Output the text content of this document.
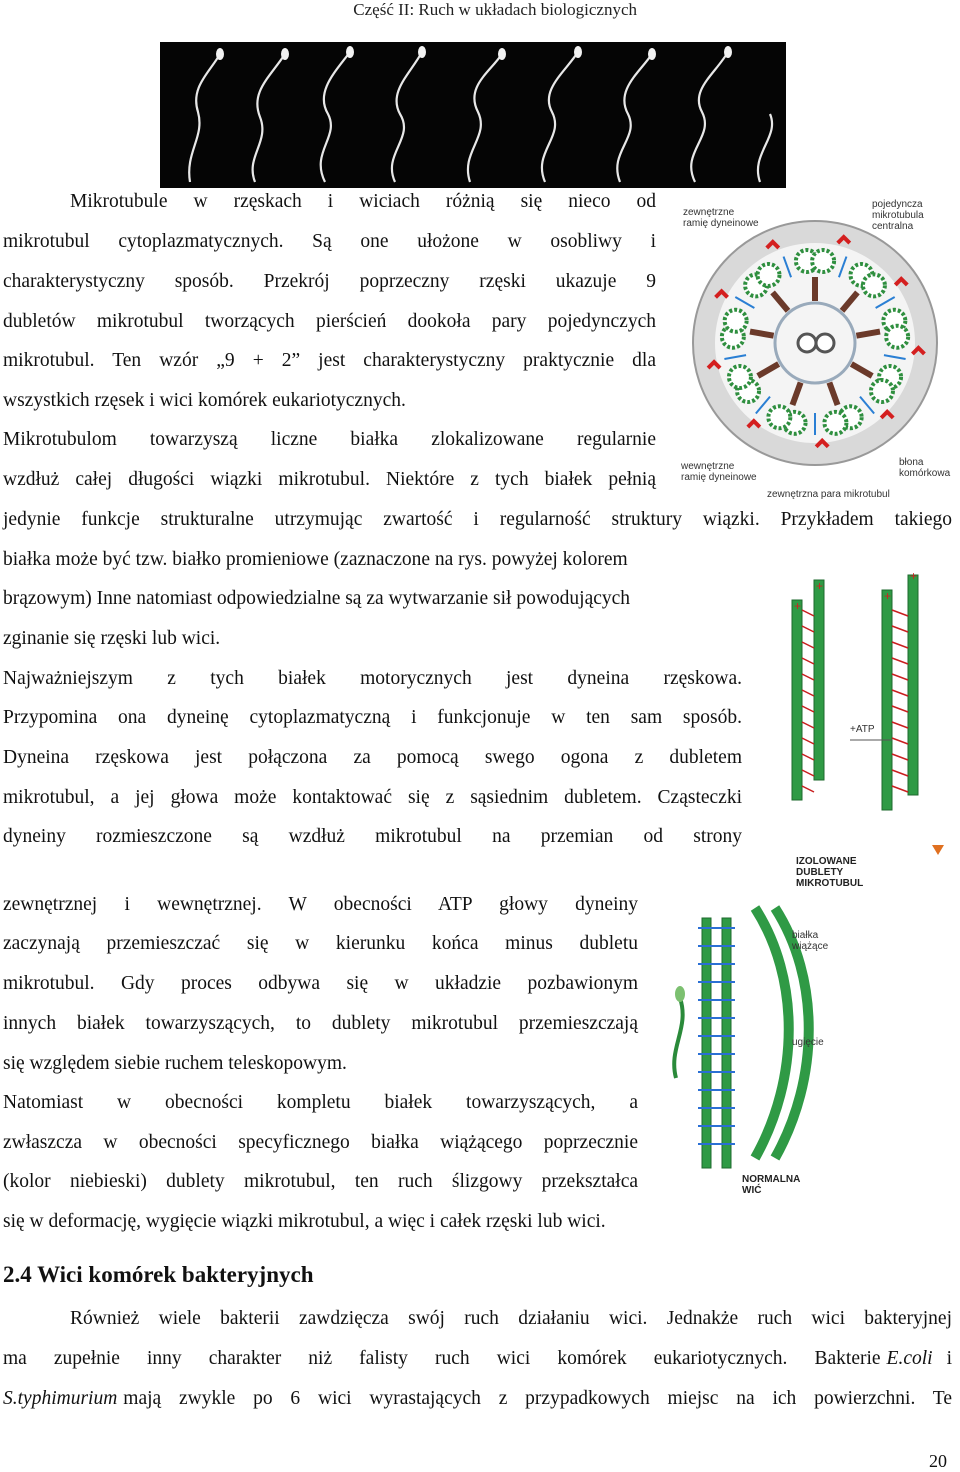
Część II: Ruch w układach biologicznych
zewnętrzne ramię dyneinowe
pojedyncza mikrotubula centralna
wewnętrzne ramię dyneinowe
błona komórkowa
zewnętrzna para mikrotubul
+
+
+
+
+ATP
IZOLOWANE DUBLETY MIKROTUBUL
białka wiążące
ugięcie
NORMALNA WIĆ
Mikrotubule w rzęskach i wiciach różnią się nieco od
mikrotubul cytoplazmatycznych. Są one ułożone w osobliwy i
charakterystyczny sposób. Przekrój poprzeczny rzęski ukazuje 9
dubletów mikrotubul tworzących pierścień dookoła pary pojedynczych
mikrotubul. Ten wzór „9 + 2” jest charakterystyczny praktycznie dla
wszystkich rzęsek i wici komórek eukariotycznych.
Mikrotubulom towarzyszą liczne białka zlokalizowane regularnie
wzdłuż całej długości wiązki mikrotubul. Niektóre z tych białek pełnią
jedynie funkcje strukturalne utrzymując zwartość i regularność struktury wiązki. Przykładem takiego
białka może być tzw. białko promieniowe (zaznaczone na rys. powyżej kolorem
brązowym) Inne natomiast odpowiedzialne są za wytwarzanie sił powodujących
zginanie się rzęski lub wici.
Najważniejszym z tych białek motorycznych jest dyneina rzęskowa.
Przypomina ona dyneinę cytoplazmatyczną i funkcjonuje w ten sam sposób.
Dyneina rzęskowa jest połączona za pomocą swego ogona z dubletem
mikrotubul, a jej głowa może kontaktować się z sąsiednim dubletem. Cząsteczki
dyneiny rozmieszczone są wzdłuż mikrotubul na przemian od strony
zewnętrznej i wewnętrznej. W obecności ATP głowy dyneiny
zaczynają przemieszczać się w kierunku końca minus dubletu
mikrotubul. Gdy proces odbywa się w układzie pozbawionym
innych białek towarzyszących, to dublety mikrotubul przemieszczają
się względem siebie ruchem teleskopowym.
Natomiast w obecności kompletu białek towarzyszących, a
zwłaszcza w obecności specyficznego białka wiążącego poprzecznie
(kolor niebieski) dublety mikrotubul, ten ruch ślizgowy przekształca
się w deformację, wygięcie wiązki mikrotubul, a więc i całek rzęski lub wici.
2.4 Wici komórek bakteryjnych
Również wiele bakterii zawdzięcza swój ruch działaniu wici. Jednakże ruch wici bakteryjnej
ma zupełnie inny charakter niż falisty ruch wici komórek eukariotycznych. Bakterie E.coli i
S.typhimurium mają zwykle po 6 wici wyrastających z przypadkowych miejsc na ich powierzchni. Te
20
